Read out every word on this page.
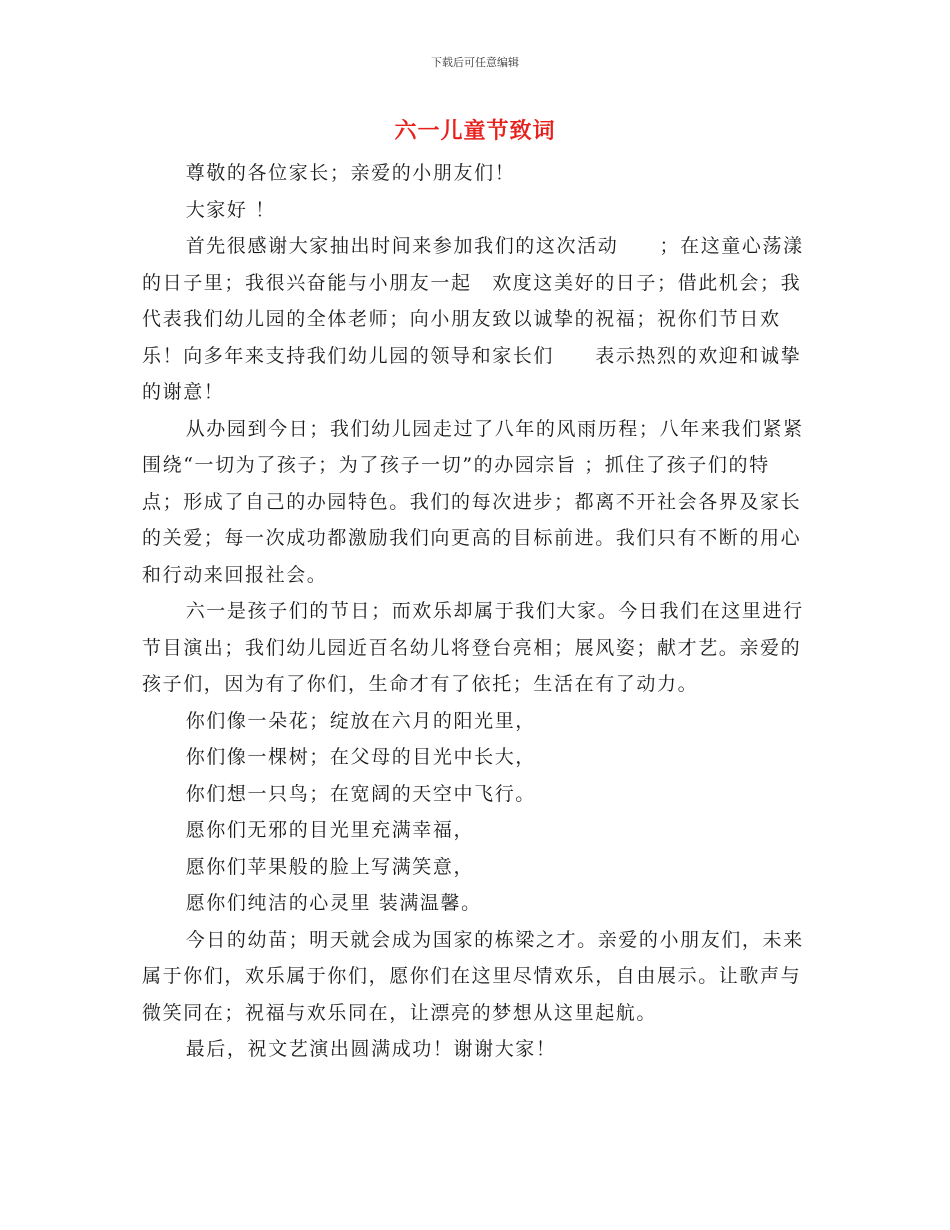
下载后可任意编辑
六一儿童节致词

尊敬的各位家长；亲爱的小朋友们！

大家好 ！

首先很感谢大家抽出时间来参加我们的这次活动　　；在这童心荡漾的日子里；我很兴奋能与小朋友一起　欢度这美好的日子；借此机会；我代表我们幼儿园的全体老师；向小朋友致以诚挚的祝福；祝你们节日欢乐！向多年来支持我们幼儿园的领导和家长们　　表示热烈的欢迎和诚挚的谢意！

从办园到今日；我们幼儿园走过了八年的风雨历程；八年来我们紧紧围绕“一切为了孩子；为了孩子一切”的办园宗旨 ；抓住了孩子们的特点；形成了自己的办园特色。我们的每次进步；都离不开社会各界及家长的关爱；每一次成功都激励我们向更高的目标前进。我们只有不断的用心和行动来回报社会。

六一是孩子们的节日；而欢乐却属于我们大家。今日我们在这里进行节目演出；我们幼儿园近百名幼儿将登台亮相；展风姿；献才艺。亲爱的孩子们，因为有了你们，生命才有了依托；生活在有了动力。

你们像一朵花；绽放在六月的阳光里，

你们像一棵树；在父母的目光中长大，

你们想一只鸟；在宽阔的天空中飞行。

愿你们无邪的目光里充满幸福，

愿你们苹果般的脸上写满笑意，

愿你们纯洁的心灵里 装满温馨。

今日的幼苗；明天就会成为国家的栋梁之才。亲爱的小朋友们，未来属于你们，欢乐属于你们，愿你们在这里尽情欢乐，自由展示。让歌声与微笑同在；祝福与欢乐同在，让漂亮的梦想从这里起航。

最后，祝文艺演出圆满成功！谢谢大家！
